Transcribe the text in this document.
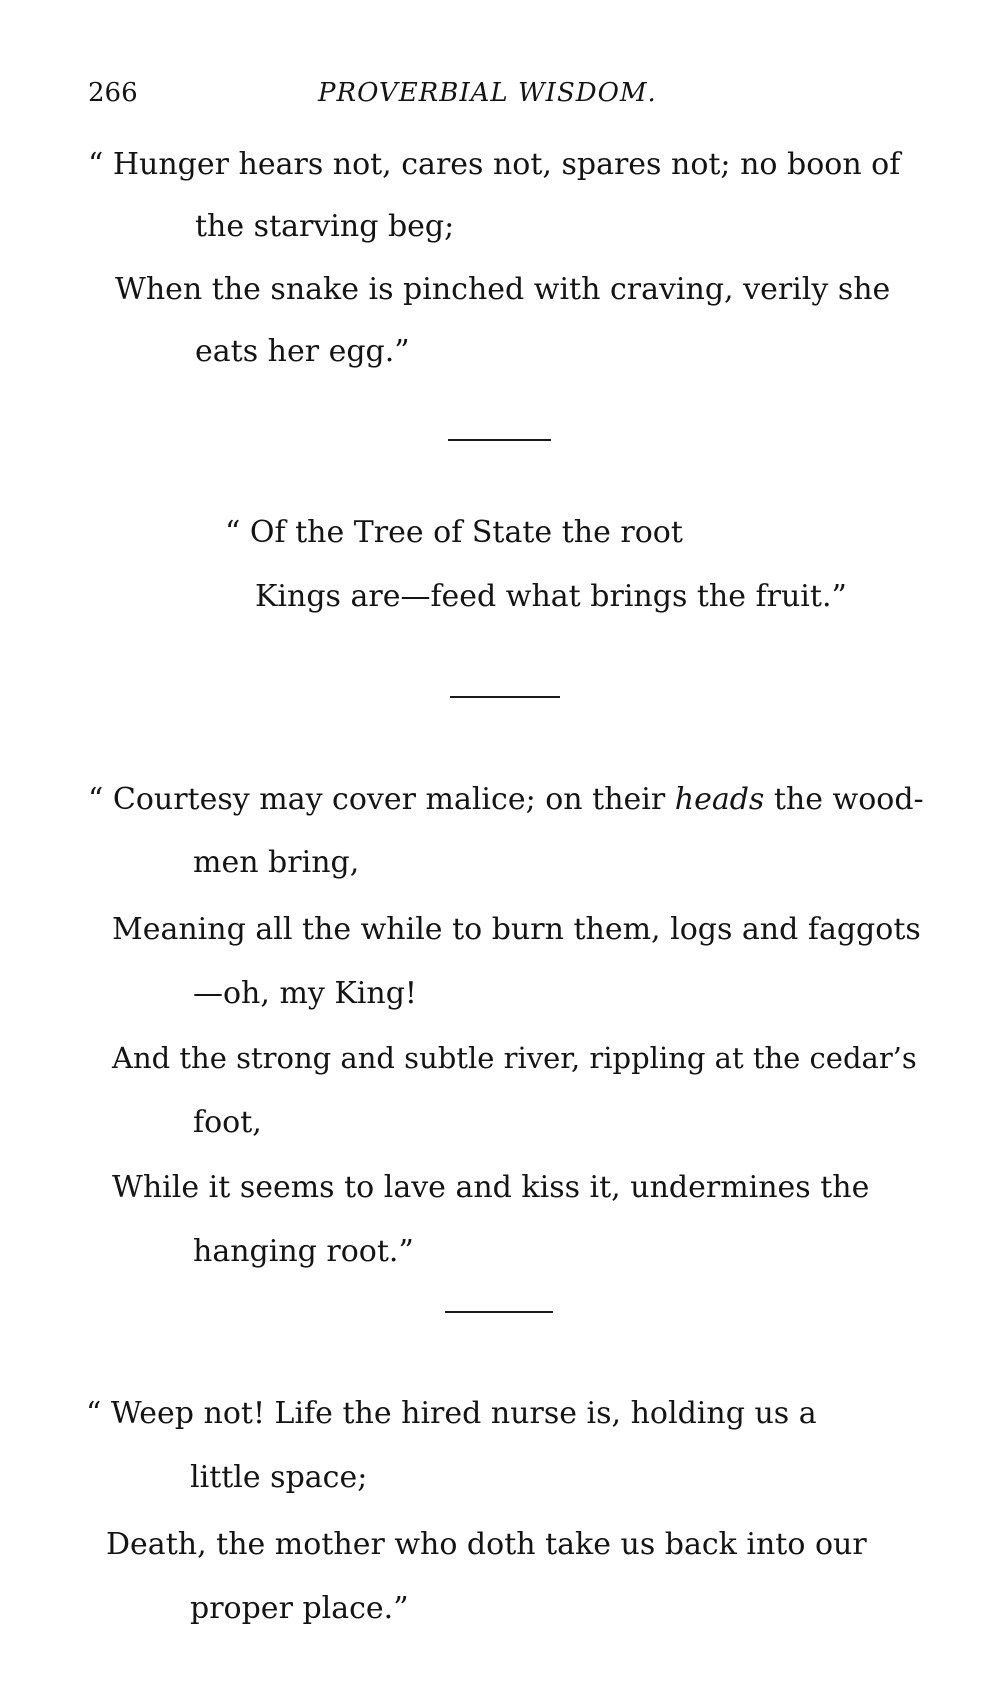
266	PROVERBIAL WISDOM.
“ Hunger hears not, cares not, spares not; no boon of
the starving beg;
When the snake is pinched with craving, verily she
eats her egg.”
“ Of the Tree of State the root
Kings are—feed what brings the fruit.”
“ Courtesy may cover malice; on their heads the wood-
men bring,
Meaning all the while to burn them, logs and faggots
—oh, my King!
And the strong and subtle river, rippling at the cedar’s
foot,
While it seems to lave and kiss it, undermines the
hanging root.”
“ Weep not! Life the hired nurse is, holding us a
little space;
Death, the mother who doth take us back into our
proper place.”
